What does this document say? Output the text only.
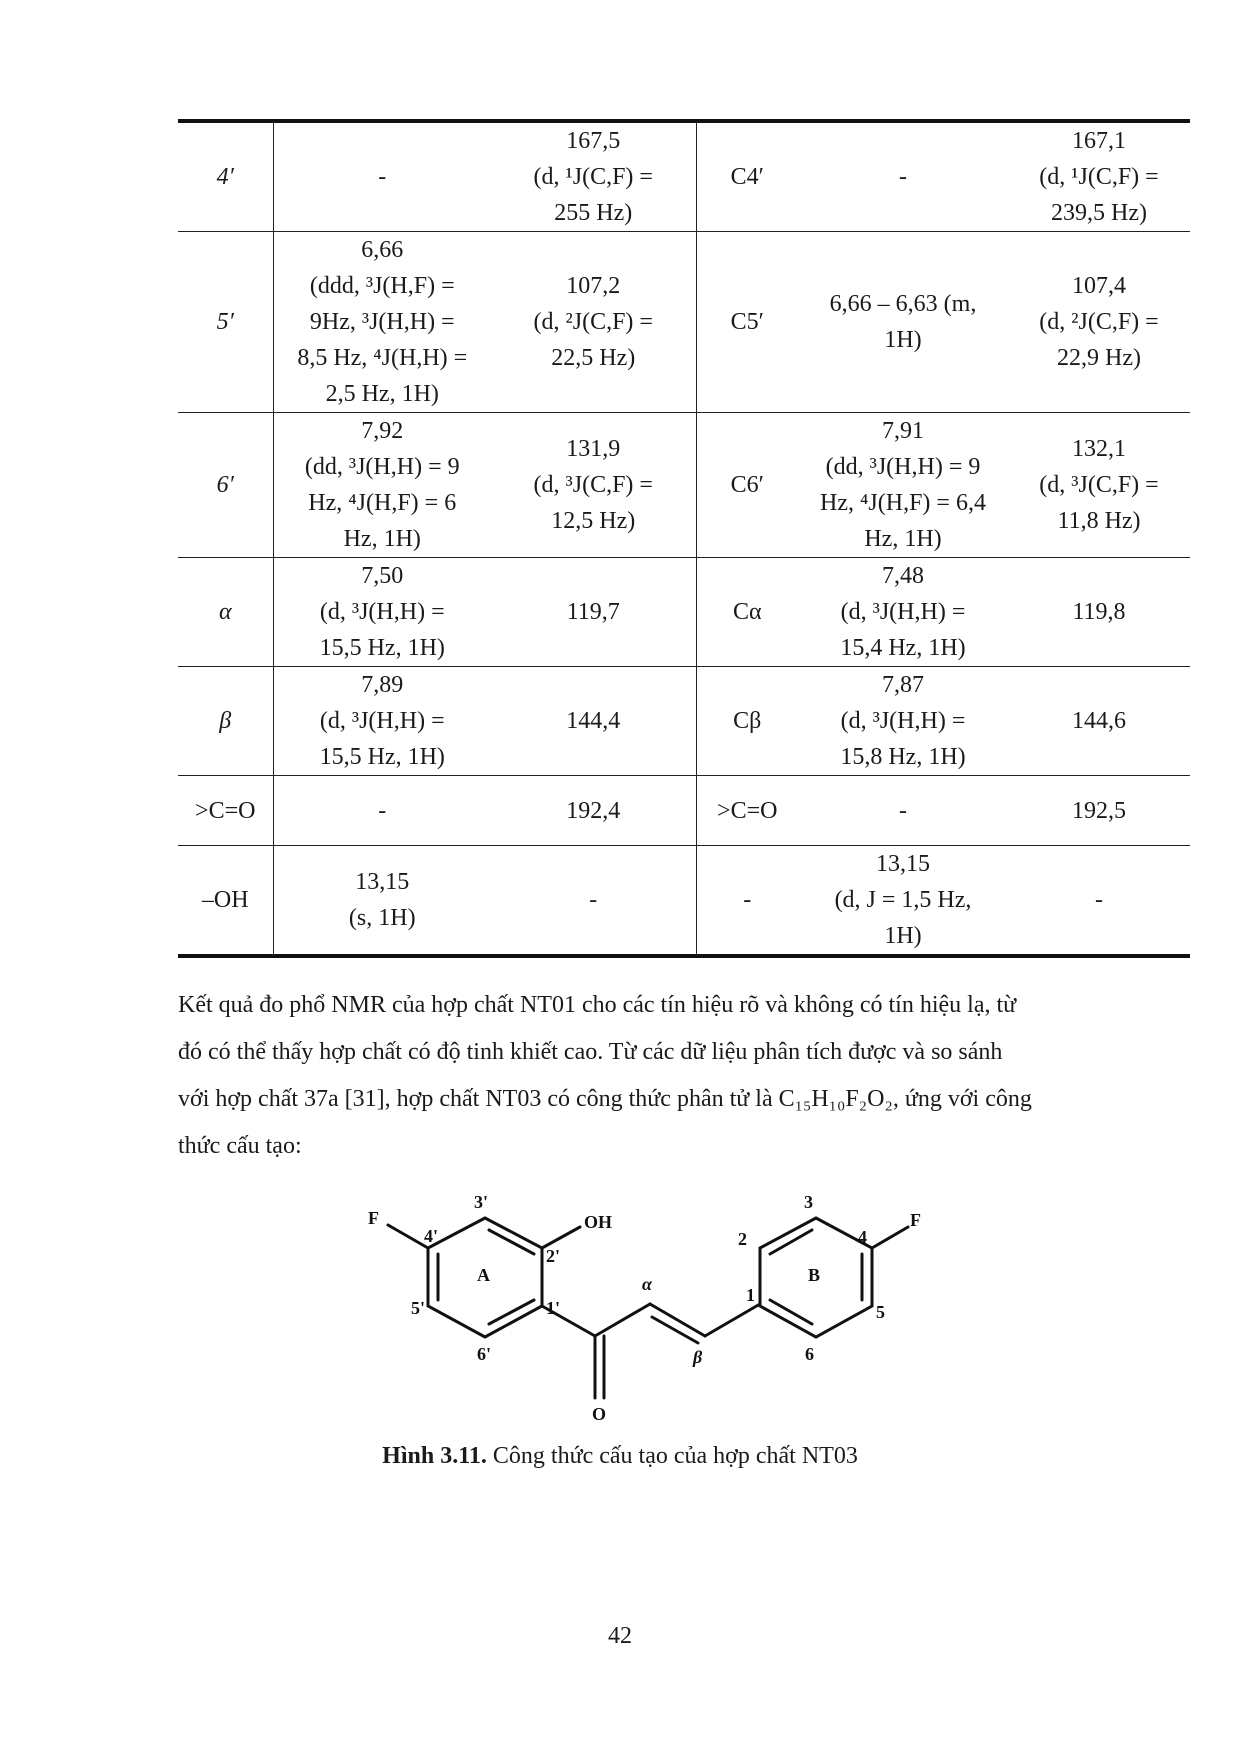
4′	-	167,5
(d, ¹J(C,F) =
255 Hz)	C4′	-	167,1
(d, ¹J(C,F) =
239,5 Hz)

5′	6,66
(ddd, ³J(H,F) =
9Hz, ³J(H,H) =
8,5 Hz, ⁴J(H,H) =
2,5 Hz, 1H)	107,2
(d, ²J(C,F) =
22,5 Hz)	C5′	6,66 – 6,63 (m,
1H)	107,4
(d, ²J(C,F) =
22,9 Hz)

6′	7,92
(dd, ³J(H,H) = 9
Hz, ⁴J(H,F) = 6
Hz, 1H)	131,9
(d, ³J(C,F) =
12,5 Hz)	C6′	7,91
(dd, ³J(H,H) = 9
Hz, ⁴J(H,F) = 6,4
Hz, 1H)	132,1
(d, ³J(C,F) =
11,8 Hz)

α	7,50
(d, ³J(H,H) =
15,5 Hz, 1H)	119,7	Cα	7,48
(d, ³J(H,H) =
15,4 Hz, 1H)	119,8

β	7,89
(d, ³J(H,H) =
15,5 Hz, 1H)	144,4	Cβ	7,87
(d, ³J(H,H) =
15,8 Hz, 1H)	144,6

>C=O	-	192,4	>C=O	-	192,5

–OH	13,15
(s, 1H)	-	-	13,15
(d, J = 1,5 Hz,
1H)	-

Kết quả đo phổ NMR của hợp chất NT01 cho các tín hiệu rõ và không có tín hiệu lạ, từ
đó có thể thấy hợp chất có độ tinh khiết cao. Từ các dữ liệu phân tích được và so sánh
với hợp chất 37a [31], hợp chất NT03 có công thức phân tử là C₁₅H₁₀F₂O₂, ứng với công
thức cấu tạo:

F	OH
O
F
A	B
3'
4'
2'
1'
5'
6'
2
3
4
1
5
6
α
β
Hình 3.11. Công thức cấu tạo của hợp chất NT03
42
